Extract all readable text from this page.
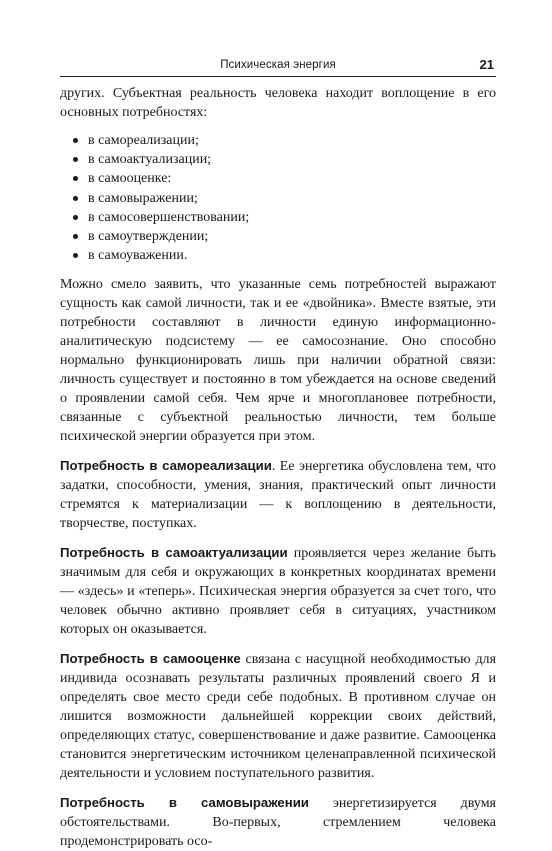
Психическая энергия	21

других. Субъектная реальность человека находит воплощение в его основных потребностях:

в самореализации;
в самоактуализации;
в самооценке:
в самовыражении;
в самосовершенствовании;
в самоутверждении;
в самоуважении.

Можно смело заявить, что указанные семь потребностей выражают сущность как самой личности, так и ее «двойника». Вместе взятые, эти потребности составляют в личности единую информационно-аналитическую подсистему — ее самосознание. Оно способно нормально функционировать лишь при наличии обратной связи: личность существует и постоянно в том убеждается на основе сведений о проявлении самой себя. Чем ярче и многоплановее потребности, связанные с субъектной реальностью личности, тем больше психической энергии образуется при этом.

Потребность в самореализации. Ее энергетика обусловлена тем, что задатки, способности, умения, знания, практический опыт личности стремятся к материализации — к воплощению в деятельности, творчестве, поступках.

Потребность в самоактуализации проявляется через желание быть значимым для себя и окружающих в конкретных координатах времени — «здесь» и «теперь». Психическая энергия образуется за счет того, что человек обычно активно проявляет себя в ситуациях, участником которых он оказывается.

Потребность в самооценке связана с насущной необходимостью для индивида осознавать результаты различных проявлений своего Я и определять свое место среди себе подобных. В противном случае он лишится возможности дальнейшей коррекции своих действий, определяющих статус, совершенствование и даже развитие. Самооценка становится энергетическим источником целенаправленной психической деятельности и условием поступательного развития.

Потребность в самовыражении энергетизируется двумя обстоятельствами. Во-первых, стремлением человека продемонстрировать осо-
